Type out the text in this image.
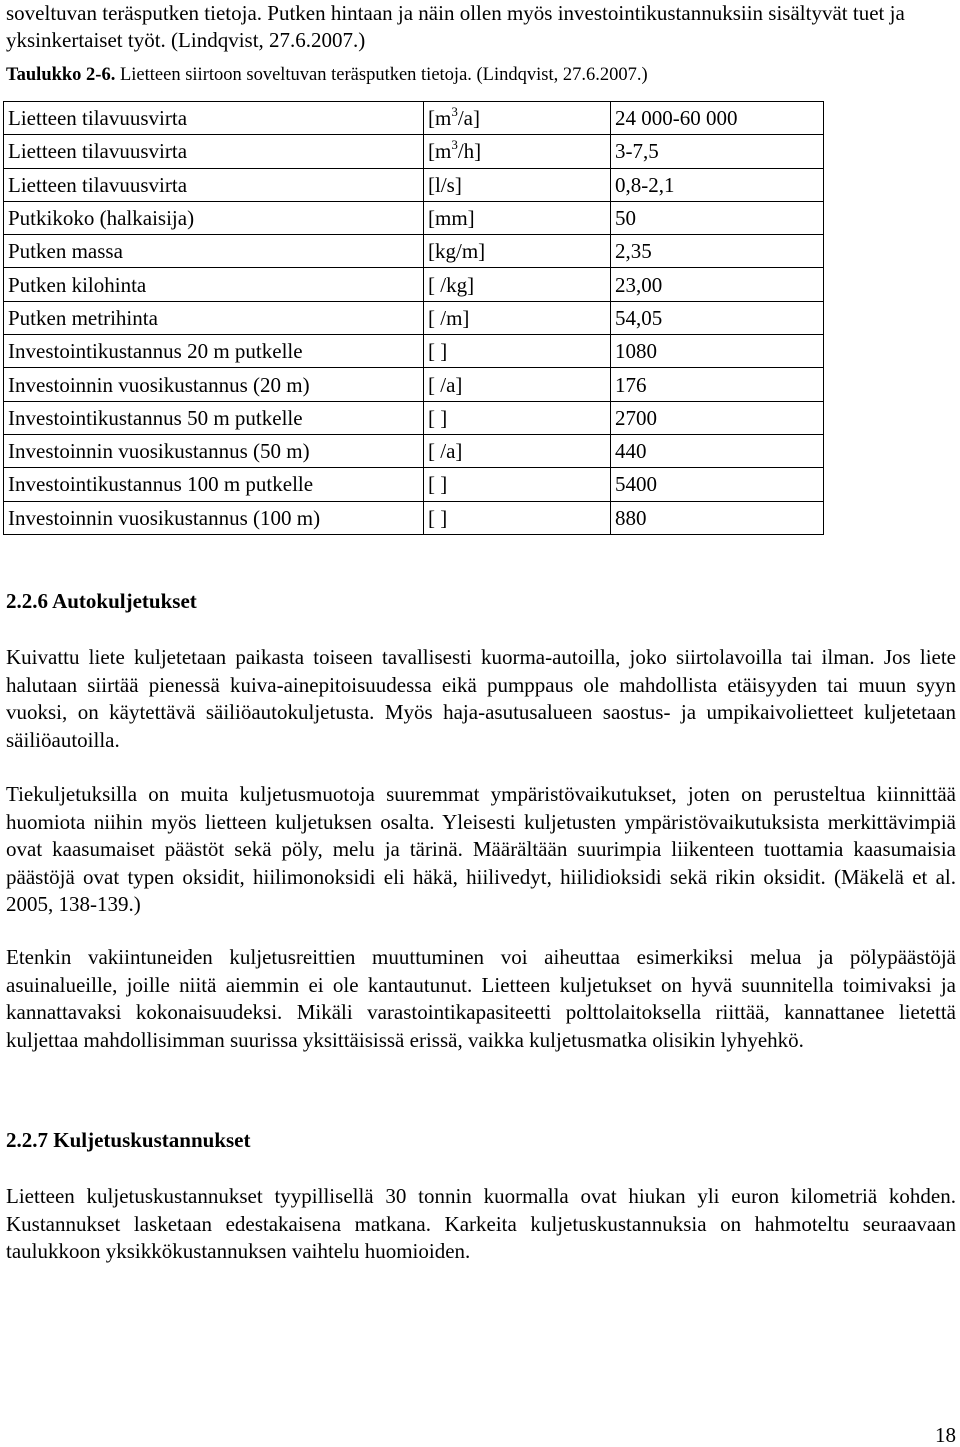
soveltuvan teräsputken tietoja. Putken hintaan ja näin ollen myös investointikustannuksiin sisältyvät tuet ja yksinkertaiset työt. (Lindqvist, 27.6.2007.)

Taulukko 2-6. Lietteen siirtoon soveltuvan teräsputken tietoja. (Lindqvist, 27.6.2007.)

Lietteen tilavuusvirta	$[m^3/a]$	24 000-60 000
Lietteen tilavuusvirta	$[m^3/h]$	3-7,5
Lietteen tilavuusvirta	[l/s]	0,8-2,1
Putkikoko (halkaisija)	[mm]	50
Putken massa	[kg/m]	2,35
Putken kilohinta	[ /kg]	23,00
Putken metrihinta	[ /m]	54,05
Investointikustannus 20 m putkelle	[ ]	1080
Investoinnin vuosikustannus (20 m)	[ /a]	176
Investointikustannus 50 m putkelle	[ ]	2700
Investoinnin vuosikustannus (50 m)	[ /a]	440
Investointikustannus 100 m putkelle	[ ]	5400
Investoinnin vuosikustannus (100 m)	[ ]	880
2.2.6 Autokuljetukset

Kuivattu liete kuljetetaan paikasta toiseen tavallisesti kuorma-autoilla, joko siirtolavoilla tai ilman. Jos liete halutaan siirtää pienessä kuiva-ainepitoisuudessa eikä pumppaus ole mahdollista etäisyyden tai muun syyn vuoksi, on käytettävä säiliöautokuljetusta. Myös haja-asutusalueen saostus- ja umpikaivolietteet kuljetetaan säiliöautoilla.

Tiekuljetuksilla on muita kuljetusmuotoja suuremmat ympäristövaikutukset, joten on perusteltua kiinnittää huomiota niihin myös lietteen kuljetuksen osalta. Yleisesti kuljetusten ympäristövaikutuksista merkittävimpiä ovat kaasumaiset päästöt sekä pöly, melu ja tärinä. Määrältään suurimpia liikenteen tuottamia kaasumaisia päästöjä ovat typen oksidit, hiilimonoksidi eli häkä, hiilivedyt, hiilidioksidi sekä rikin oksidit. (Mäkelä et al. 2005, 138-139.)

Etenkin vakiintuneiden kuljetusreittien muuttuminen voi aiheuttaa esimerkiksi melua ja pölypäästöjä asuinalueille, joille niitä aiemmin ei ole kantautunut. Lietteen kuljetukset on hyvä suunnitella toimivaksi ja kannattavaksi kokonaisuudeksi. Mikäli varastointikapasiteetti polttolaitoksella riittää, kannattanee lietettä kuljettaa mahdollisimman suurissa yksittäisissä erissä, vaikka kuljetusmatka olisikin lyhyehkö.

2.2.7 Kuljetuskustannukset

Lietteen kuljetuskustannukset tyypillisellä 30 tonnin kuormalla ovat hiukan yli euron kilometriä kohden. Kustannukset lasketaan edestakaisena matkana. Karkeita kuljetuskustannuksia on hahmoteltu seuraavaan taulukkoon yksikkökustannuksen vaihtelu huomioiden.

18
